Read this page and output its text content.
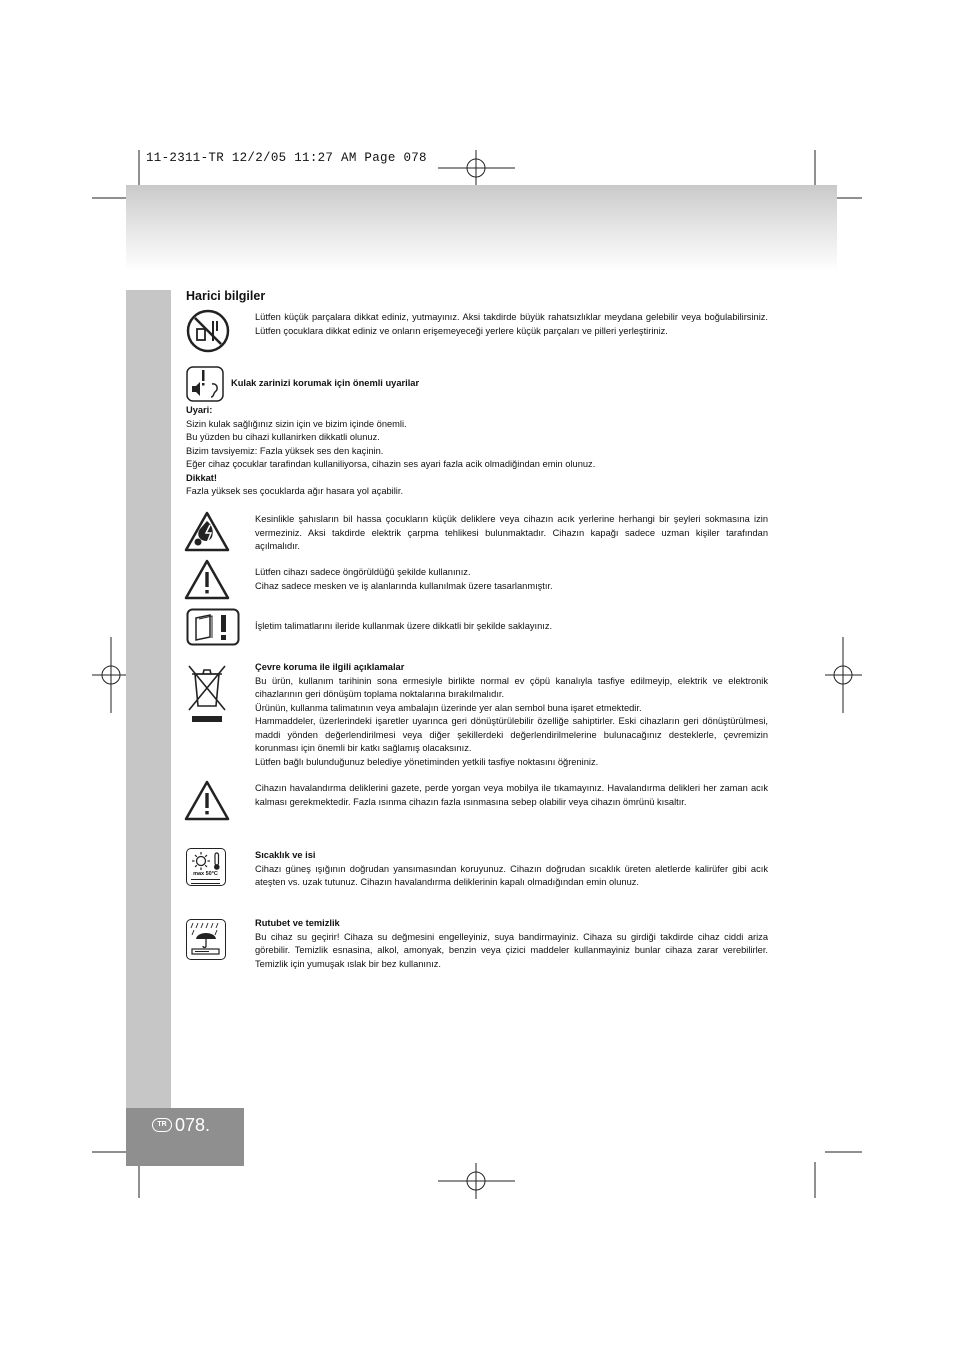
11-2311-TR 12/2/05 11:27 AM Page 078
TR 078.
Harici bilgiler
Lütfen küçük parçalara dikkat ediniz, yutmayınız. Aksi takdirde büyük rahatsızlıklar meydana gelebilir veya boğulabilirsiniz. Lütfen çocuklara dikkat ediniz ve onların erişemeyeceği yerlere küçük parçaları ve pilleri yerleştiriniz.
Kulak zarinizi korumak için önemli uyarilar
Uyari:
Sizin kulak sağlığınız sizin için ve bizim içinde önemli.
Bu yüzden bu cihazi kullanirken dikkatli olunuz.
Bizim tavsiyemiz: Fazla yüksek ses den kaçinin.
Eğer cihaz çocuklar tarafindan kullaniliyorsa, cihazin ses ayari fazla acik olmadiğindan emin olunuz.
Dikkat!
Fazla yüksek ses çocuklarda ağır hasara yol açabilir.
Kesinlikle şahısların bil hassa çocukların küçük deliklere veya cihazın acık yerlerine herhangi bir şeyleri sokmasına izin vermeziniz. Aksi takdirde elektrik çarpma tehlikesi bulunmaktadır. Cihazın kapağı sadece uzman kişiler tarafından açılmalıdır.
Lütfen cihazı sadece öngörüldüğü şekilde kullanınız.
Cihaz sadece mesken ve iş alanlarında kullanılmak üzere tasarlanmıştır.
İşletim talimatlarını ileride kullanmak üzere dikkatli bir şekilde saklayınız.
Çevre koruma ile ilgili açıklamalar
Bu ürün, kullanım tarihinin sona ermesiyle birlikte normal ev çöpü kanalıyla tasfiye edilmeyip, elektrik ve elektronik cihazlarının geri dönüşüm toplama noktalarına bırakılmalıdır.
Ürünün, kullanma talimatının veya ambalajın üzerinde yer alan sembol buna işaret etmektedir.
Hammaddeler, üzerlerindeki işaretler uyarınca geri dönüştürülebilir özelliğe sahiptirler. Eski cihazların geri dönüştürülmesi, maddi yönden değerlendirilmesi veya diğer şekillerdeki değerlendirilmelerine bulunacağınız desteklerle, çevremizin korunması için önemli bir katkı sağlamış olacaksınız.
Lütfen bağlı bulunduğunuz belediye yönetiminden yetkili tasfiye noktasını öğreniniz.
Cihazın havalandırma deliklerini gazete, perde yorgan veya mobilya ile tıkamayınız. Havalandırma delikleri her zaman acık kalması gerekmektedir. Fazla ısınma cihazın fazla ısınmasına sebep olabilir veya cihazın ömrünü kısaltır.
max 50°C
Sıcaklık ve isi
Cihazı güneş ışığının doğrudan yansımasından koruyunuz. Cihazın doğrudan sıcaklık üreten aletlerde kalirüfer gibi acık ateşten vs. uzak tutunuz. Cihazın havalandırma deliklerinin kapalı olmadığından emin olunuz.
Rutubet ve temizlik
Bu cihaz su geçirir! Cihaza su değmesini engelleyiniz, suya bandirmayiniz. Cihaza su girdiği takdirde cihaz ciddi ariza görebilir. Temizlik esnasina, alkol, amonyak, benzin veya çizici maddeler kullanmayiniz bunlar cihaza zarar verebilirler. Temizlik için yumuşak ıslak bir bez kullanınız.
